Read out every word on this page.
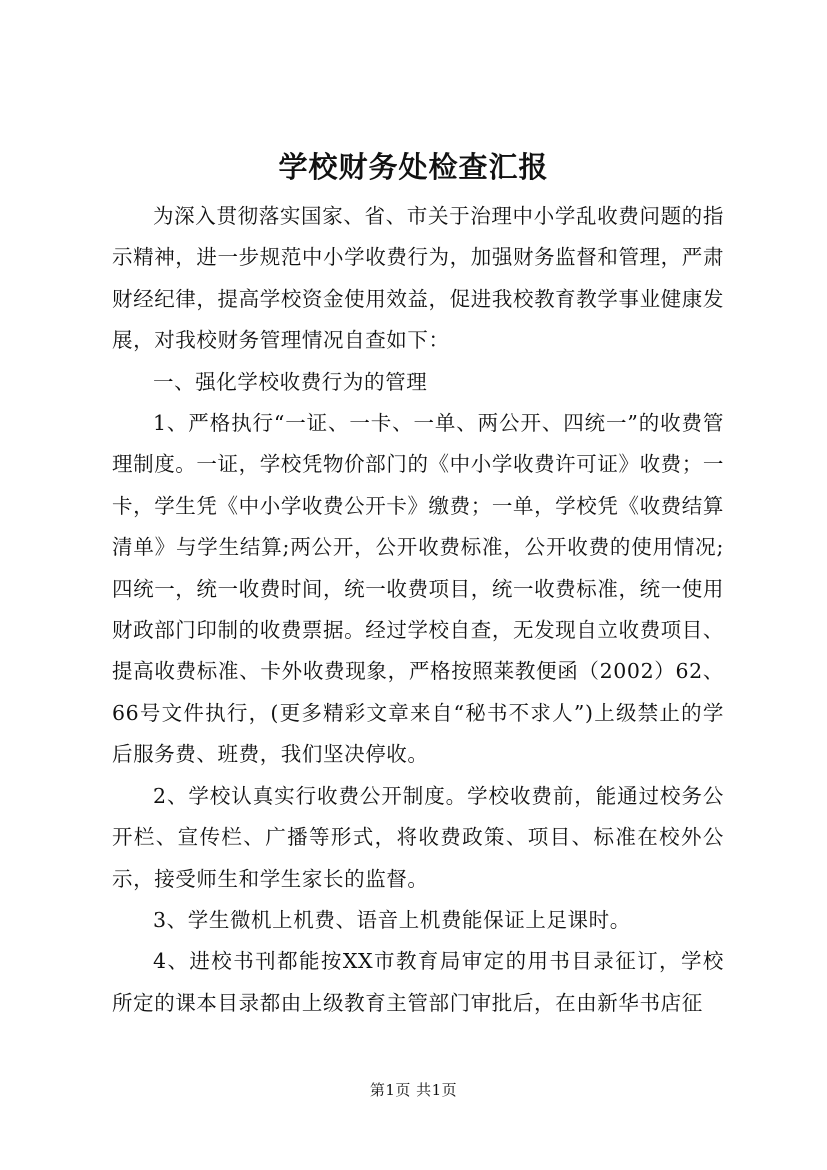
学校财务处检查汇报

为深入贯彻落实国家、省、市关于治理中小学乱收费问题的指示精神，进一步规范中小学收费行为，加强财务监督和管理，严肃财经纪律，提高学校资金使用效益，促进我校教育教学事业健康发展，对我校财务管理情况自查如下：

一、强化学校收费行为的管理

1、严格执行“一证、一卡、一单、两公开、四统一”的收费管理制度。一证，学校凭物价部门的《中小学收费许可证》收费；一卡，学生凭《中小学收费公开卡》缴费；一单，学校凭《收费结算清单》与学生结算;两公开，公开收费标准，公开收费的使用情况;四统一，统一收费时间，统一收费项目，统一收费标准，统一使用财政部门印制的收费票据。经过学校自查，无发现自立收费项目、提高收费标准、卡外收费现象，严格按照莱教便函（2002）62、66号文件执行，(更多精彩文章来自“秘书不求人”)上级禁止的学后服务费、班费，我们坚决停收。

2、学校认真实行收费公开制度。学校收费前，能通过校务公开栏、宣传栏、广播等形式，将收费政策、项目、标准在校外公示，接受师生和学生家长的监督。

3、学生微机上机费、语音上机费能保证上足课时。

4、进校书刊都能按XX市教育局审定的用书目录征订，学校所定的课本目录都由上级教育主管部门审批后，在由新华书店征

第1页 共1页
